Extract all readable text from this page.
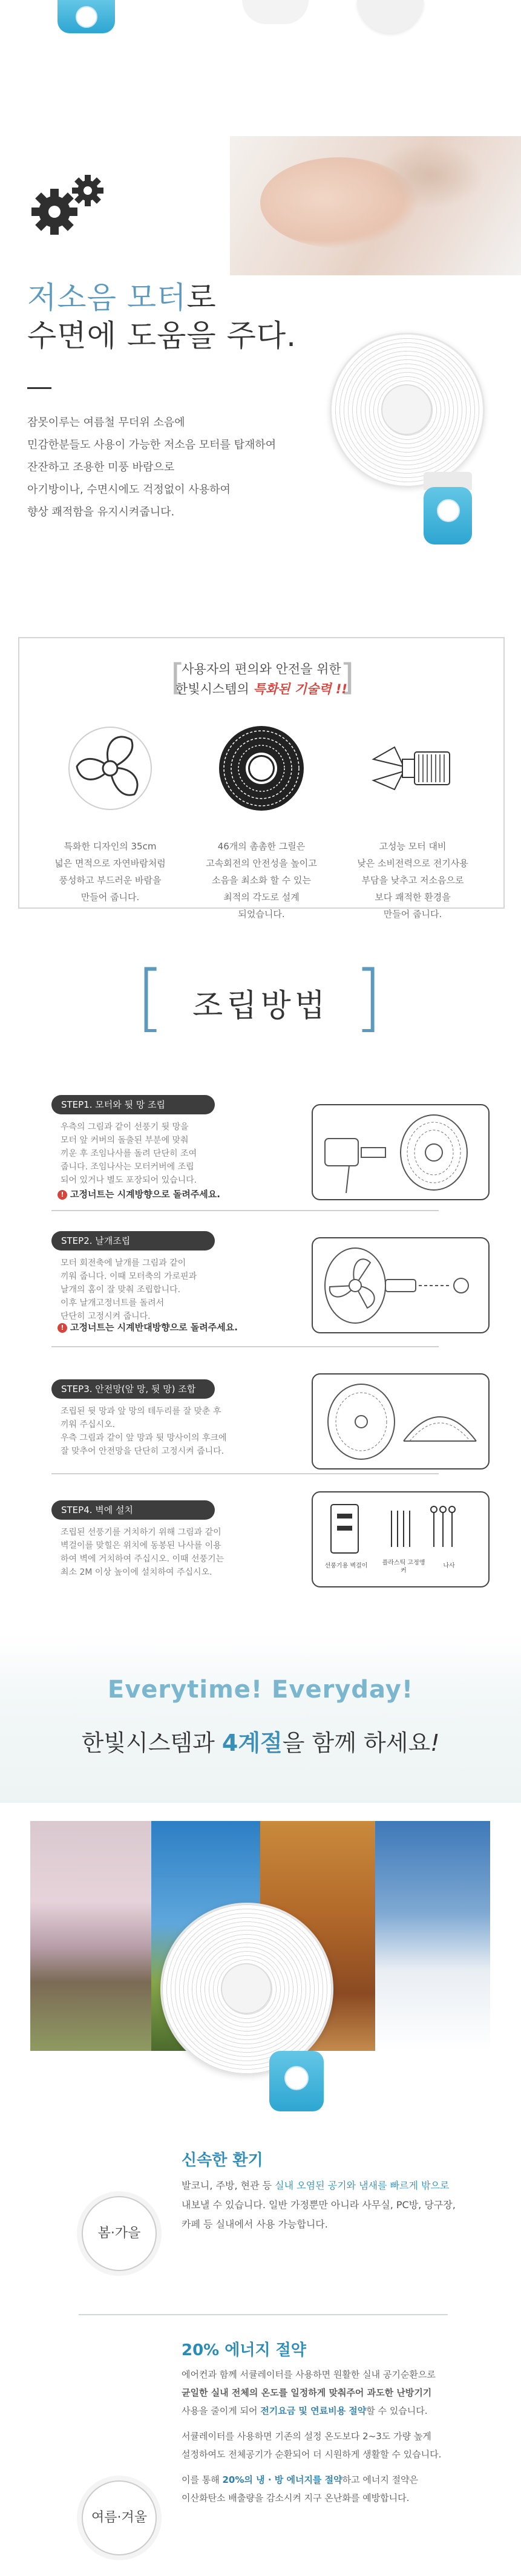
저소음 모터로
수면에 도움을 주다.
잠못이루는 여름철 무더위 소음에
민감한분들도 사용이 가능한 저소음 모터를 탑재하여
잔잔하고 조용한 미풍 바람으로
아기방이나, 수면시에도 걱정없이 사용하여
향상 쾌적함을 유지시켜줍니다.
[	]
사용자의 편의와 안전을 위한
한빛시스템의 특화된 기술력 !!
특화한 디자인의 35cm
넓은 면적으로 자연바람처럼
풍성하고 부드러운 바람을
만들어 줍니다.
46개의 촘촘한 그릴은
고속회전의 안전성을 높이고
소음을 최소화 할 수 있는
최적의 각도로 설계
되었습니다.
고성능 모터 대비
낮은 소비전력으로 전기사용
부담을 낮추고 저소음으로
보다 쾌적한 환경을
만들어 줍니다.
[	]
조립방법
STEP1. 모터와 뒷 망 조립
우측의 그림과 같이 선풍기 뒷 망을
모터 앞 커버의 돌출된 부분에 맞춰
끼운 후 조임나사를 돌려 단단히 조여
줍니다. 조임나사는 모터커버에 조립
되어 있거나 별도 포장되어 있습니다.
! 고정너트는 시계방향으로 돌려주세요.
STEP2. 날개조립
모터 회전축에 날개를 그림과 같이
끼워 줍니다. 이때 모터축의 가로핀과
날개의 홈이 잘 맞춰 조립합니다.
이후 날개고정너트를 돌려서
단단히 고정시켜 줍니다.
! 고정너트는 시계반대방향으로 돌려주세요.
STEP3. 안전망(앞 망, 뒷 망) 조합
조립된 뒷 망과 앞 망의 테두리를 잘 맞춘 후
끼워 주십시오.
우측 그림과 같이 앞 망과 뒷 망사이의 후크에
잘 맞추어 안전망을 단단히 고정시켜 줍니다.
STEP4. 벽에 설치
조립된 선풍기를 거치하기 위해 그림과 같이
벽걸이를 맞힐은 위치에 동봉된 나사를 이용
하여 벽에 거치하여 주십시오. 이때 선풍기는
최소 2M 이상 높이에 설치하여 주십시오.
선풍기용 벽걸이	플라스틱 고정앵커
나사
Everytime! Everyday!
한빛시스템과 4계절을 함께 하세요!
봄·가을
신속한 환기
발코니, 주방, 현관 등 실내 오염된 공기와 냄새를 빠르게 밖으로
내보낼 수 있습니다. 일반 가정뿐만 아니라 사무실, PC방, 당구장,
카페 등 실내에서 사용 가능합니다.
여름·겨울
20% 에너지 절약
에어컨과 함께 서큘레이터를 사용하면 원활한 실내 공기순환으로
균일한 실내 전체의 온도를 일정하게 맞춰주어 과도한 난방기기
사용을 줄이게 되어 전기요금 및 연료비용 절약할 수 있습니다.
서큘레이터를 사용하면 기존의 설정 온도보다 2~3도 가량 높게
설정하여도 전체공기가 순환되어 더 시원하게 생활할 수 있습니다.
이를 통해 20%의 냉 · 방 에너지를 절약하고 에너지 절약은
이산화탄소 배출량을 감소시켜 지구 온난화를 예방합니다.
